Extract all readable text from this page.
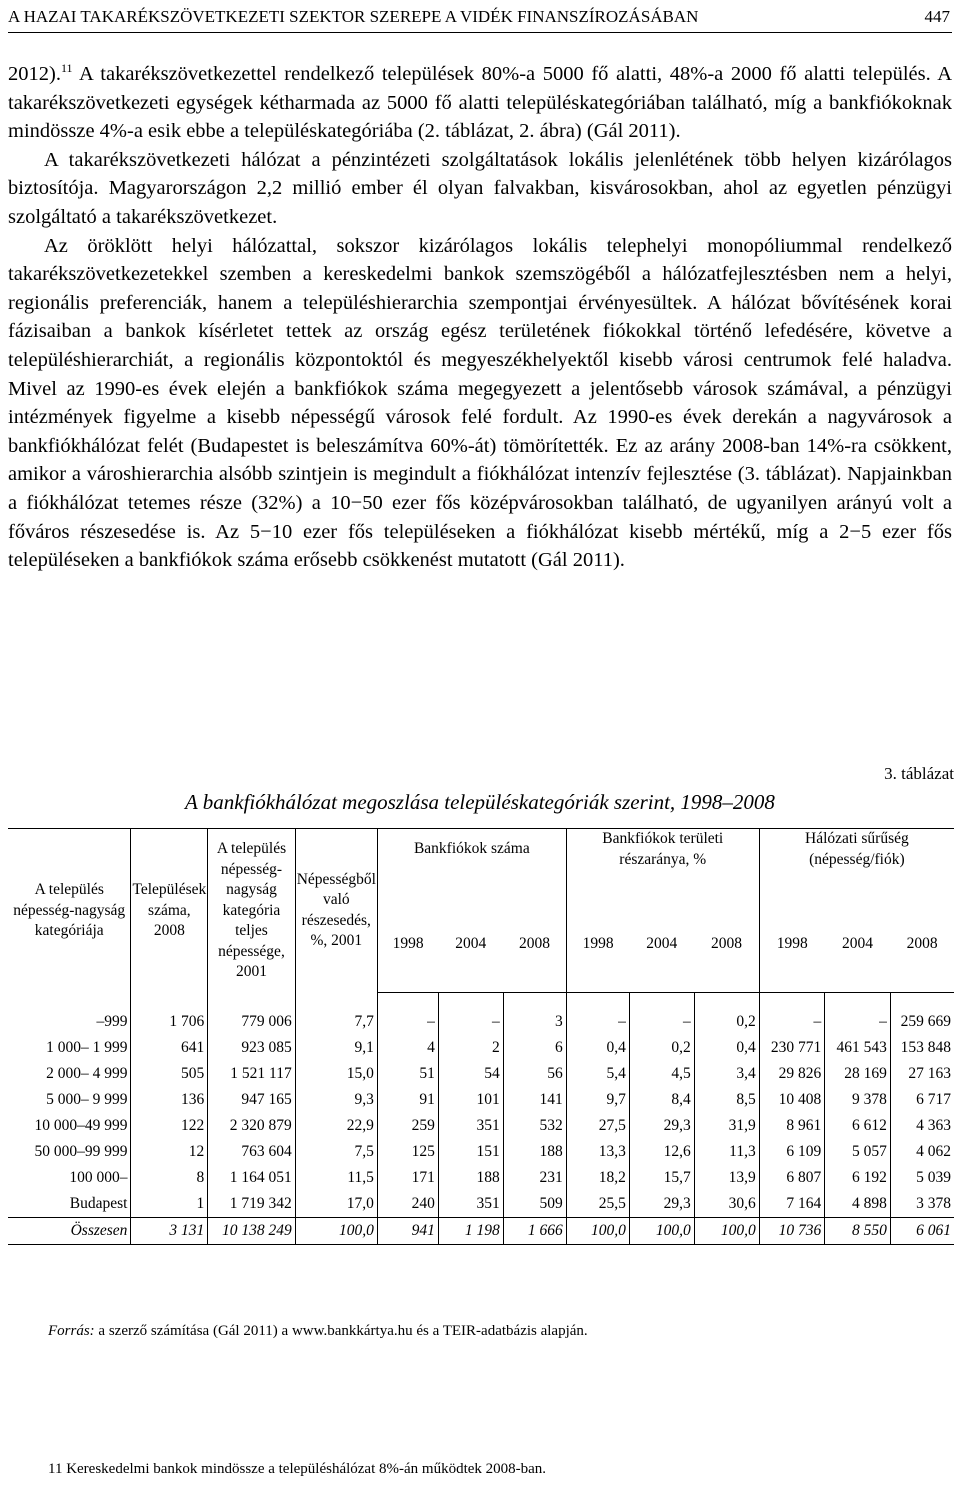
A HAZAI TAKARÉKSZÖVETKEZETI SZEKTOR SZEREPE A VIDÉK FINANSZÍROZÁSÁBAN	447

2012).$^{11}$ A takarékszövetkezettel rendelkező települések 80%-a 5000 fő alatti, 48%-a 2000 fő alatti település. A takarékszövetkezeti egységek kétharmada az 5000 fő alatti településkategóriában található, míg a bankfiókoknak mindössze 4%-a esik ebbe a településkategóriába (2. táblázat, 2. ábra) (Gál 2011).

A takarékszövetkezeti hálózat a pénzintézeti szolgáltatások lokális jelenlétének több helyen kizárólagos biztosítója. Magyarországon 2,2 millió ember él olyan falvakban, kisvárosokban, ahol az egyetlen pénzügyi szolgáltató a takarékszövetkezet.

Az öröklött helyi hálózattal, sokszor kizárólagos lokális telephelyi monopóliummal rendelkező takarékszövetkezetekkel szemben a kereskedelmi bankok szemszögéből a hálózatfejlesztésben nem a helyi, regionális preferenciák, hanem a településhierarchia szempontjai érvényesültek. A hálózat bővítésének korai fázisaiban a bankok kísérletet tettek az ország egész területének fiókokkal történő lefedésére, követve a településhierarchiát, a regionális központoktól és megyeszékhelyektől kisebb városi centrumok felé haladva. Mivel az 1990-es évek elején a bankfiókok száma megegyezett a jelentősebb városok számával, a pénzügyi intézmények figyelme a kisebb népességű városok felé fordult. Az 1990-es évek derekán a nagyvárosok a bankfiókhálózat felét (Budapestet is beleszámítva 60%-át) tömörítették. Ez az arány 2008-ban 14%-ra csökkent, amikor a városhierarchia alsóbb szintjein is megindult a fiókhálózat intenzív fejlesztése (3. táblázat). Napjainkban a fiókhálózat tetemes része (32%) a 10−50 ezer fős középvárosokban található, de ugyanilyen arányú volt a főváros részesedése is. Az 5−10 ezer fős településeken a fiókhálózat kisebb mértékű, míg a 2−5 ezer fős településeken a bankfiókok száma erősebb csökkenést mutatott (Gál 2011).

3. táblázat
A bankfiókhálózat megoszlása településkategóriák szerint, 1998–2008
A település népesség-nagyság kategóriája	Települések száma, 2008	A település népesség-nagyság kategória teljes népessége, 2001	Népességből való részesedés, %, 2001	Bankfiókok száma			Bankfiókok területi részaránya, %			Hálózati sűrűség (népesség/fiók)		
				1998	2004	2008	1998	2004	2008	1998	2004	2008
–999	1 706	779 006	7,7	–	–	3	–	–	0,2	–	–	259 669
1 000– 1 999	641	923 085	9,1	4	2	6	0,4	0,2	0,4	230 771	461 543	153 848
2 000– 4 999	505	1 521 117	15,0	51	54	56	5,4	4,5	3,4	29 826	28 169	27 163
5 000– 9 999	136	947 165	9,3	91	101	141	9,7	8,4	8,5	10 408	9 378	6 717
10 000–49 999	122	2 320 879	22,9	259	351	532	27,5	29,3	31,9	8 961	6 612	4 363
50 000–99 999	12	763 604	7,5	125	151	188	13,3	12,6	11,3	6 109	5 057	4 062
100 000–	8	1 164 051	11,5	171	188	231	18,2	15,7	13,9	6 807	6 192	5 039
Budapest	1	1 719 342	17,0	240	351	509	25,5	29,3	30,6	7 164	4 898	3 378
Összesen	3 131	10 138 249	100,0	941	1 198	1 666	100,0	100,0	100,0	10 736	8 550	6 061
Forrás: a szerző számítása (Gál 2011) a www.bankkártya.hu és a TEIR-adatbázis alapján.
11 Kereskedelmi bankok mindössze a településhálózat 8%-án működtek 2008-ban.
